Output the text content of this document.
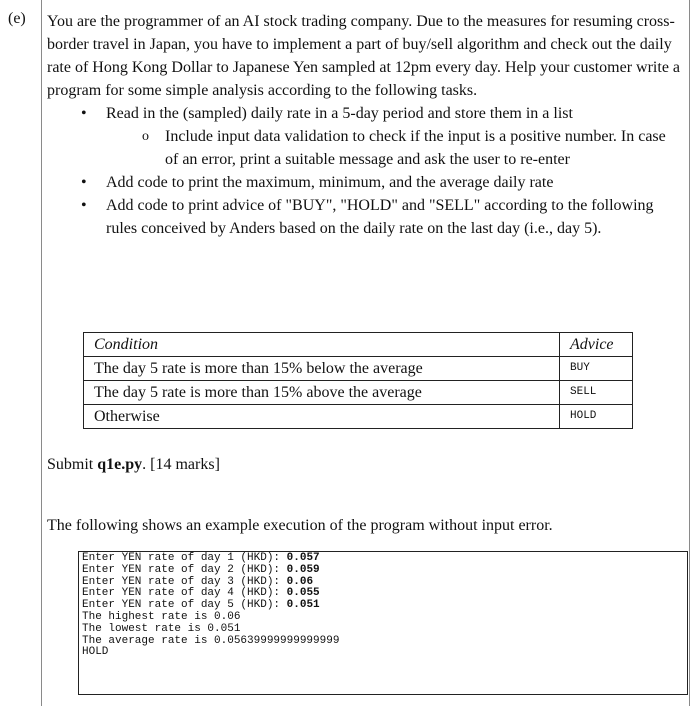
(e) You are the programmer of an AI stock trading company. Due to the measures for resuming cross-border travel in Japan, you have to implement a part of buy/sell algorithm and check out the daily rate of Hong Kong Dollar to Japanese Yen sampled at 12pm every day. Help your customer write a program for some simple analysis according to the following tasks.

• Read in the (sampled) daily rate in a 5-day period and store them in a list
o Include input data validation to check if the input is a positive number. In case of an error, print a suitable message and ask the user to re-enter
• Add code to print the maximum, minimum, and the average daily rate
• Add code to print advice of "BUY", "HOLD" and "SELL" according to the following rules conceived by Anders based on the daily rate on the last day (i.e., day 5).
Condition	Advice
The day 5 rate is more than 15% below the average	BUY
The day 5 rate is more than 15% above the average	SELL
Otherwise	HOLD
Submit q1e.py. [14 marks]
The following shows an example execution of the program without input error.
Enter YEN rate of day 1 (HKD): 0.057
Enter YEN rate of day 2 (HKD): 0.059
Enter YEN rate of day 3 (HKD): 0.06
Enter YEN rate of day 4 (HKD): 0.055
Enter YEN rate of day 5 (HKD): 0.051
The highest rate is 0.06
The lowest rate is 0.051
The average rate is 0.05639999999999999
HOLD
